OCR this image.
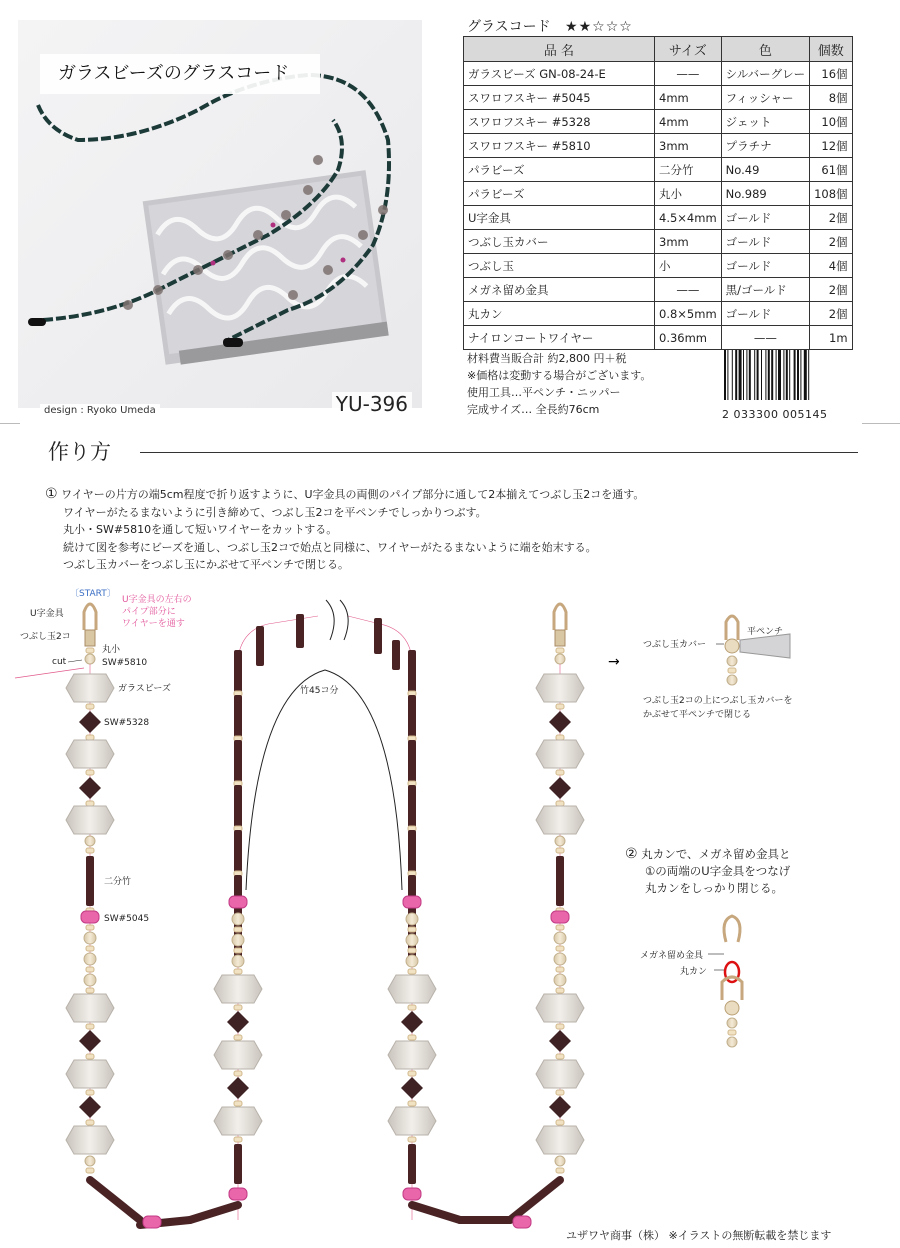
ガラスビーズのグラスコード
design : Ryoko Umeda	YU-396
グラスコード ★★☆☆☆
品 名	サイズ	色	個数
ガラスビーズ GN-08-24-E	——	シルバーグレー	16個
スワロフスキー #5045	4mm	フィッシャー	8個
スワロフスキー #5328	4mm	ジェット	10個
スワロフスキー #5810	3mm	プラチナ	12個
パラビーズ	二分竹	No.49	61個
パラビーズ	丸小	No.989	108個
U字金具	4.5×4mm	ゴールド	2個
つぶし玉カバー	3mm	ゴールド	2個
つぶし玉	小	ゴールド	4個
メガネ留め金具	——	黒/ゴールド	2個
丸カン	0.8×5mm	ゴールド	2個
ナイロンコートワイヤー	0.36mm	——	1m
材料費当販合計 約2,800 円＋税
※価格は変動する場合がございます。
使用工具…平ペンチ・ニッパー
完成サイズ… 全長約76cm	2 033300 005145
作り方
① ワイヤーの片方の端5cm程度で折り返すように、U字金具の両側のパイプ部分に通して2本揃えてつぶし玉2コを通す。
ワイヤーがたるまないように引き締めて、つぶし玉2コを平ペンチでしっかりつぶす。
丸小・SW#5810を通して短いワイヤーをカットする。
続けて図を参考にビーズを通し、つぶし玉2コで始点と同様に、ワイヤーがたるまないように端を始末する。
つぶし玉カバーをつぶし玉にかぶせて平ペンチで閉じる。
〔START〕
U字金具
つぶし玉2コ
丸小
cut	SW#5810
ガラスビーズ
SW#5328
二分竹
SW#5045
U字金具の左右の
パイプ部分に
ワイヤーを通す
竹45コ分
→
つぶし玉カバー
平ペンチ
つぶし玉2コの上につぶし玉カバーを
かぶせて平ペンチで閉じる
メガネ留め金具
丸カン
② 丸カンで、メガネ留め金具と
①の両端のU字金具をつなげ
丸カンをしっかり閉じる。
ユザワヤ商事（株） ※イラストの無断転載を禁じます
